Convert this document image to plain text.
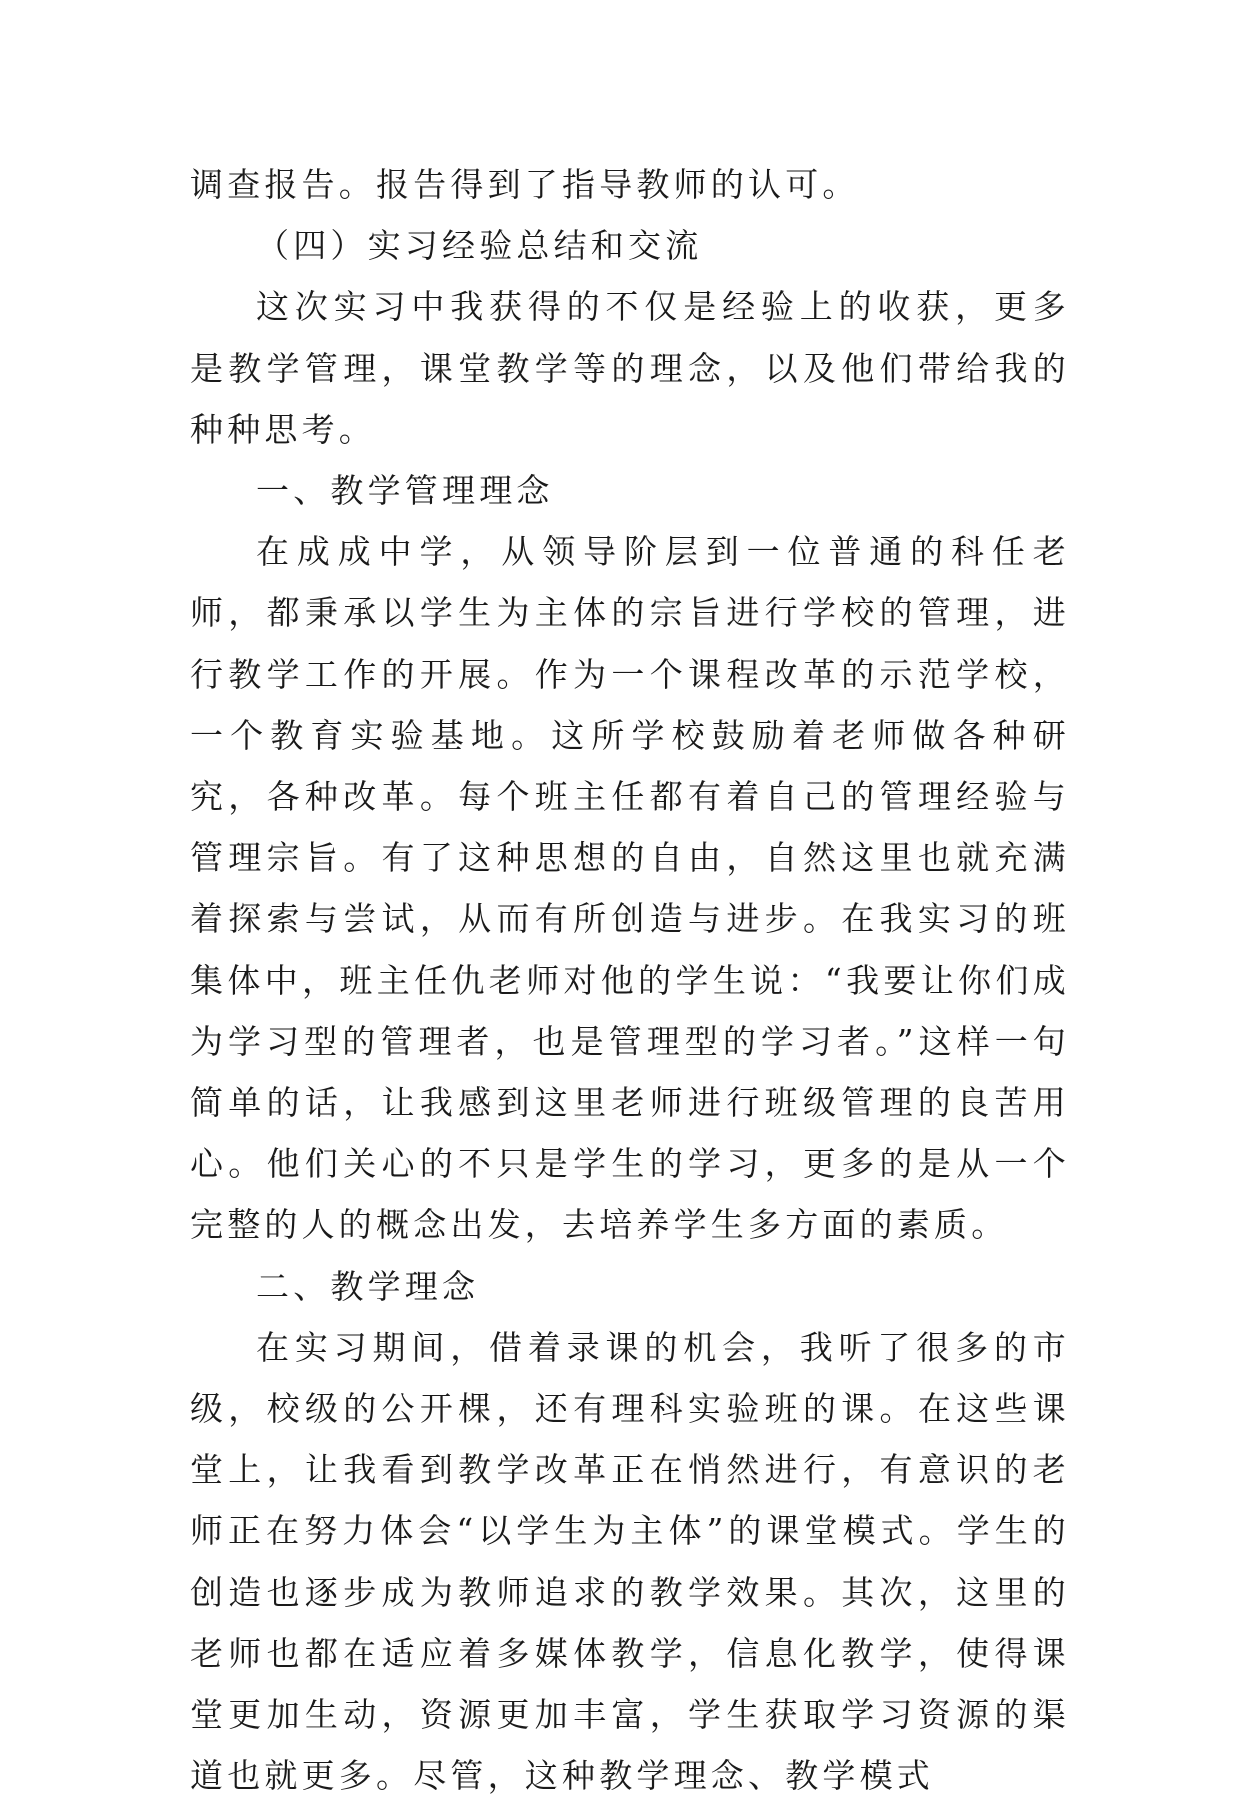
调查报告。报告得到了指导教师的认可。

（四）实习经验总结和交流

这次实习中我获得的不仅是经验上的收获，更多是教学管理，课堂教学等的理念，以及他们带给我的种种思考。

一、教学管理理念

在成成中学，从领导阶层到一位普通的科任老师，都秉承以学生为主体的宗旨进行学校的管理，进行教学工作的开展。作为一个课程改革的示范学校，一个教育实验基地。这所学校鼓励着老师做各种研究，各种改革。每个班主任都有着自己的管理经验与管理宗旨。有了这种思想的自由，自然这里也就充满着探索与尝试，从而有所创造与进步。在我实习的班集体中，班主任仇老师对他的学生说：“我要让你们成为学习型的管理者，也是管理型的学习者。”这样一句简单的话，让我感到这里老师进行班级管理的良苦用心。他们关心的不只是学生的学习，更多的是从一个完整的人的概念出发，去培养学生多方面的素质。

二、教学理念

在实习期间，借着录课的机会，我听了很多的市级，校级的公开棵，还有理科实验班的课。在这些课堂上，让我看到教学改革正在悄然进行，有意识的老师正在努力体会“以学生为主体”的课堂模式。学生的创造也逐步成为教师追求的教学效果。其次，这里的老师也都在适应着多媒体教学，信息化教学，使得课堂更加生动，资源更加丰富，学生获取学习资源的渠道也就更多。尽管，这种教学理念、教学模式
